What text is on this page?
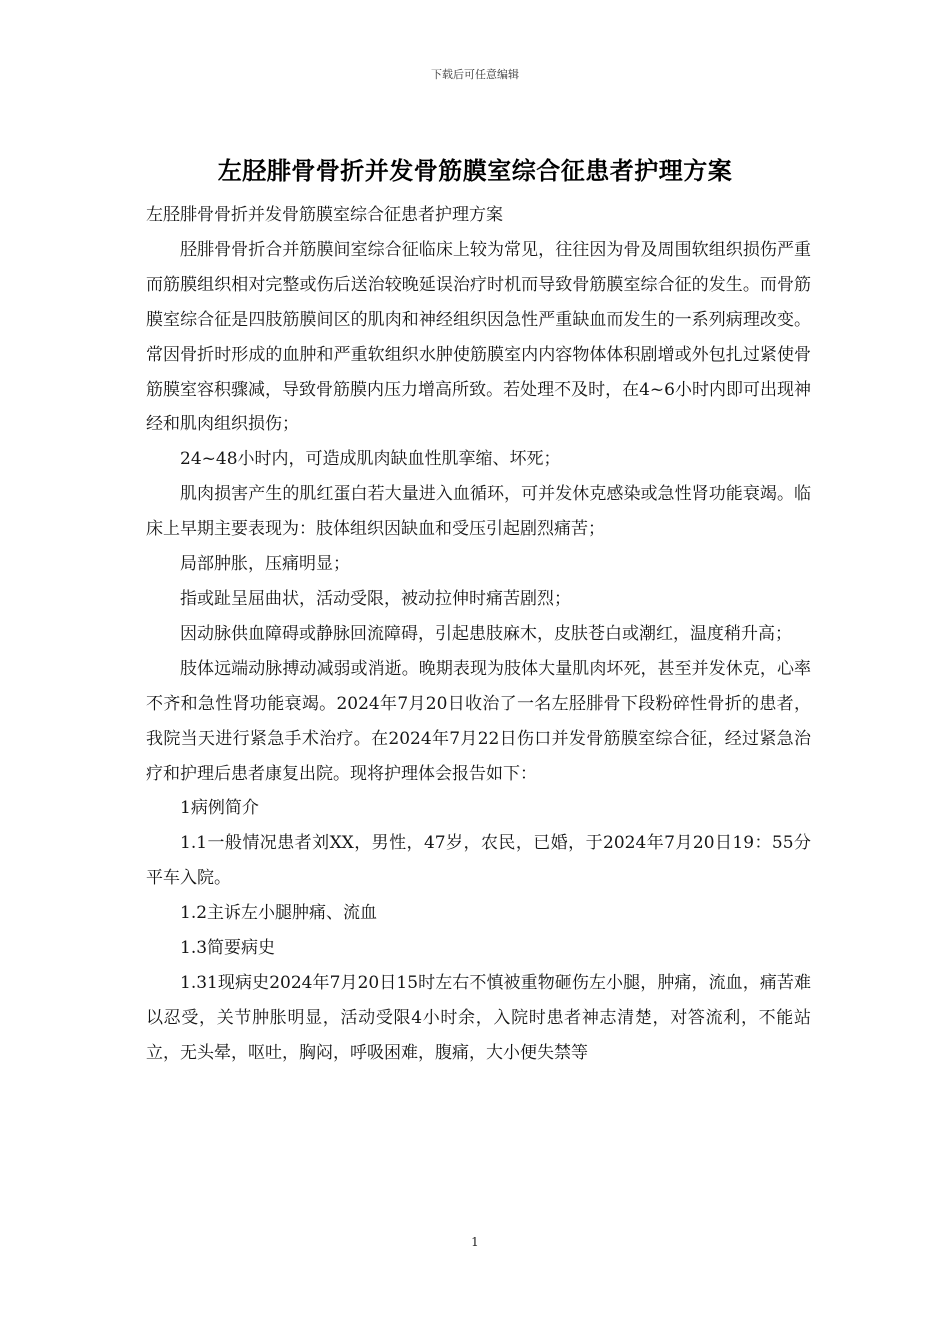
下载后可任意编辑
左胫腓骨骨折并发骨筋膜室综合征患者护理方案

左胫腓骨骨折并发骨筋膜室综合征患者护理方案

胫腓骨骨折合并筋膜间室综合征临床上较为常见，往往因为骨及周围软组织损伤严重而筋膜组织相对完整或伤后送治较晚延误治疗时机而导致骨筋膜室综合征的发生。而骨筋膜室综合征是四肢筋膜间区的肌肉和神经组织因急性严重缺血而发生的一系列病理改变。常因骨折时形成的血肿和严重软组织水肿使筋膜室内内容物体体积剧增或外包扎过紧使骨筋膜室容积骤减，导致骨筋膜内压力增高所致。若处理不及时，在4~6小时内即可出现神经和肌肉组织损伤；

24~48小时内，可造成肌肉缺血性肌挛缩、坏死；

肌肉损害产生的肌红蛋白若大量进入血循环，可并发休克感染或急性肾功能衰竭。临床上早期主要表现为：肢体组织因缺血和受压引起剧烈痛苦；

局部肿胀，压痛明显；

指或趾呈屈曲状，活动受限，被动拉伸时痛苦剧烈；

因动脉供血障碍或静脉回流障碍，引起患肢麻木，皮肤苍白或潮红，温度稍升高；

肢体远端动脉搏动减弱或消逝。晚期表现为肢体大量肌肉坏死，甚至并发休克，心率不齐和急性肾功能衰竭。2024年7月20日收治了一名左胫腓骨下段粉碎性骨折的患者，我院当天进行紧急手术治疗。在2024年7月22日伤口并发骨筋膜室综合征，经过紧急治疗和护理后患者康复出院。现将护理体会报告如下：

1病例简介

1.1一般情况患者刘XX，男性，47岁，农民，已婚，于2024年7月20日19：55分平车入院。

1.2主诉左小腿肿痛、流血

1.3简要病史

1.31现病史2024年7月20日15时左右不慎被重物砸伤左小腿，肿痛，流血，痛苦难以忍受，关节肿胀明显，活动受限4小时余，入院时患者神志清楚，对答流利，不能站立，无头晕，呕吐，胸闷，呼吸困难，腹痛，大小便失禁等

1
